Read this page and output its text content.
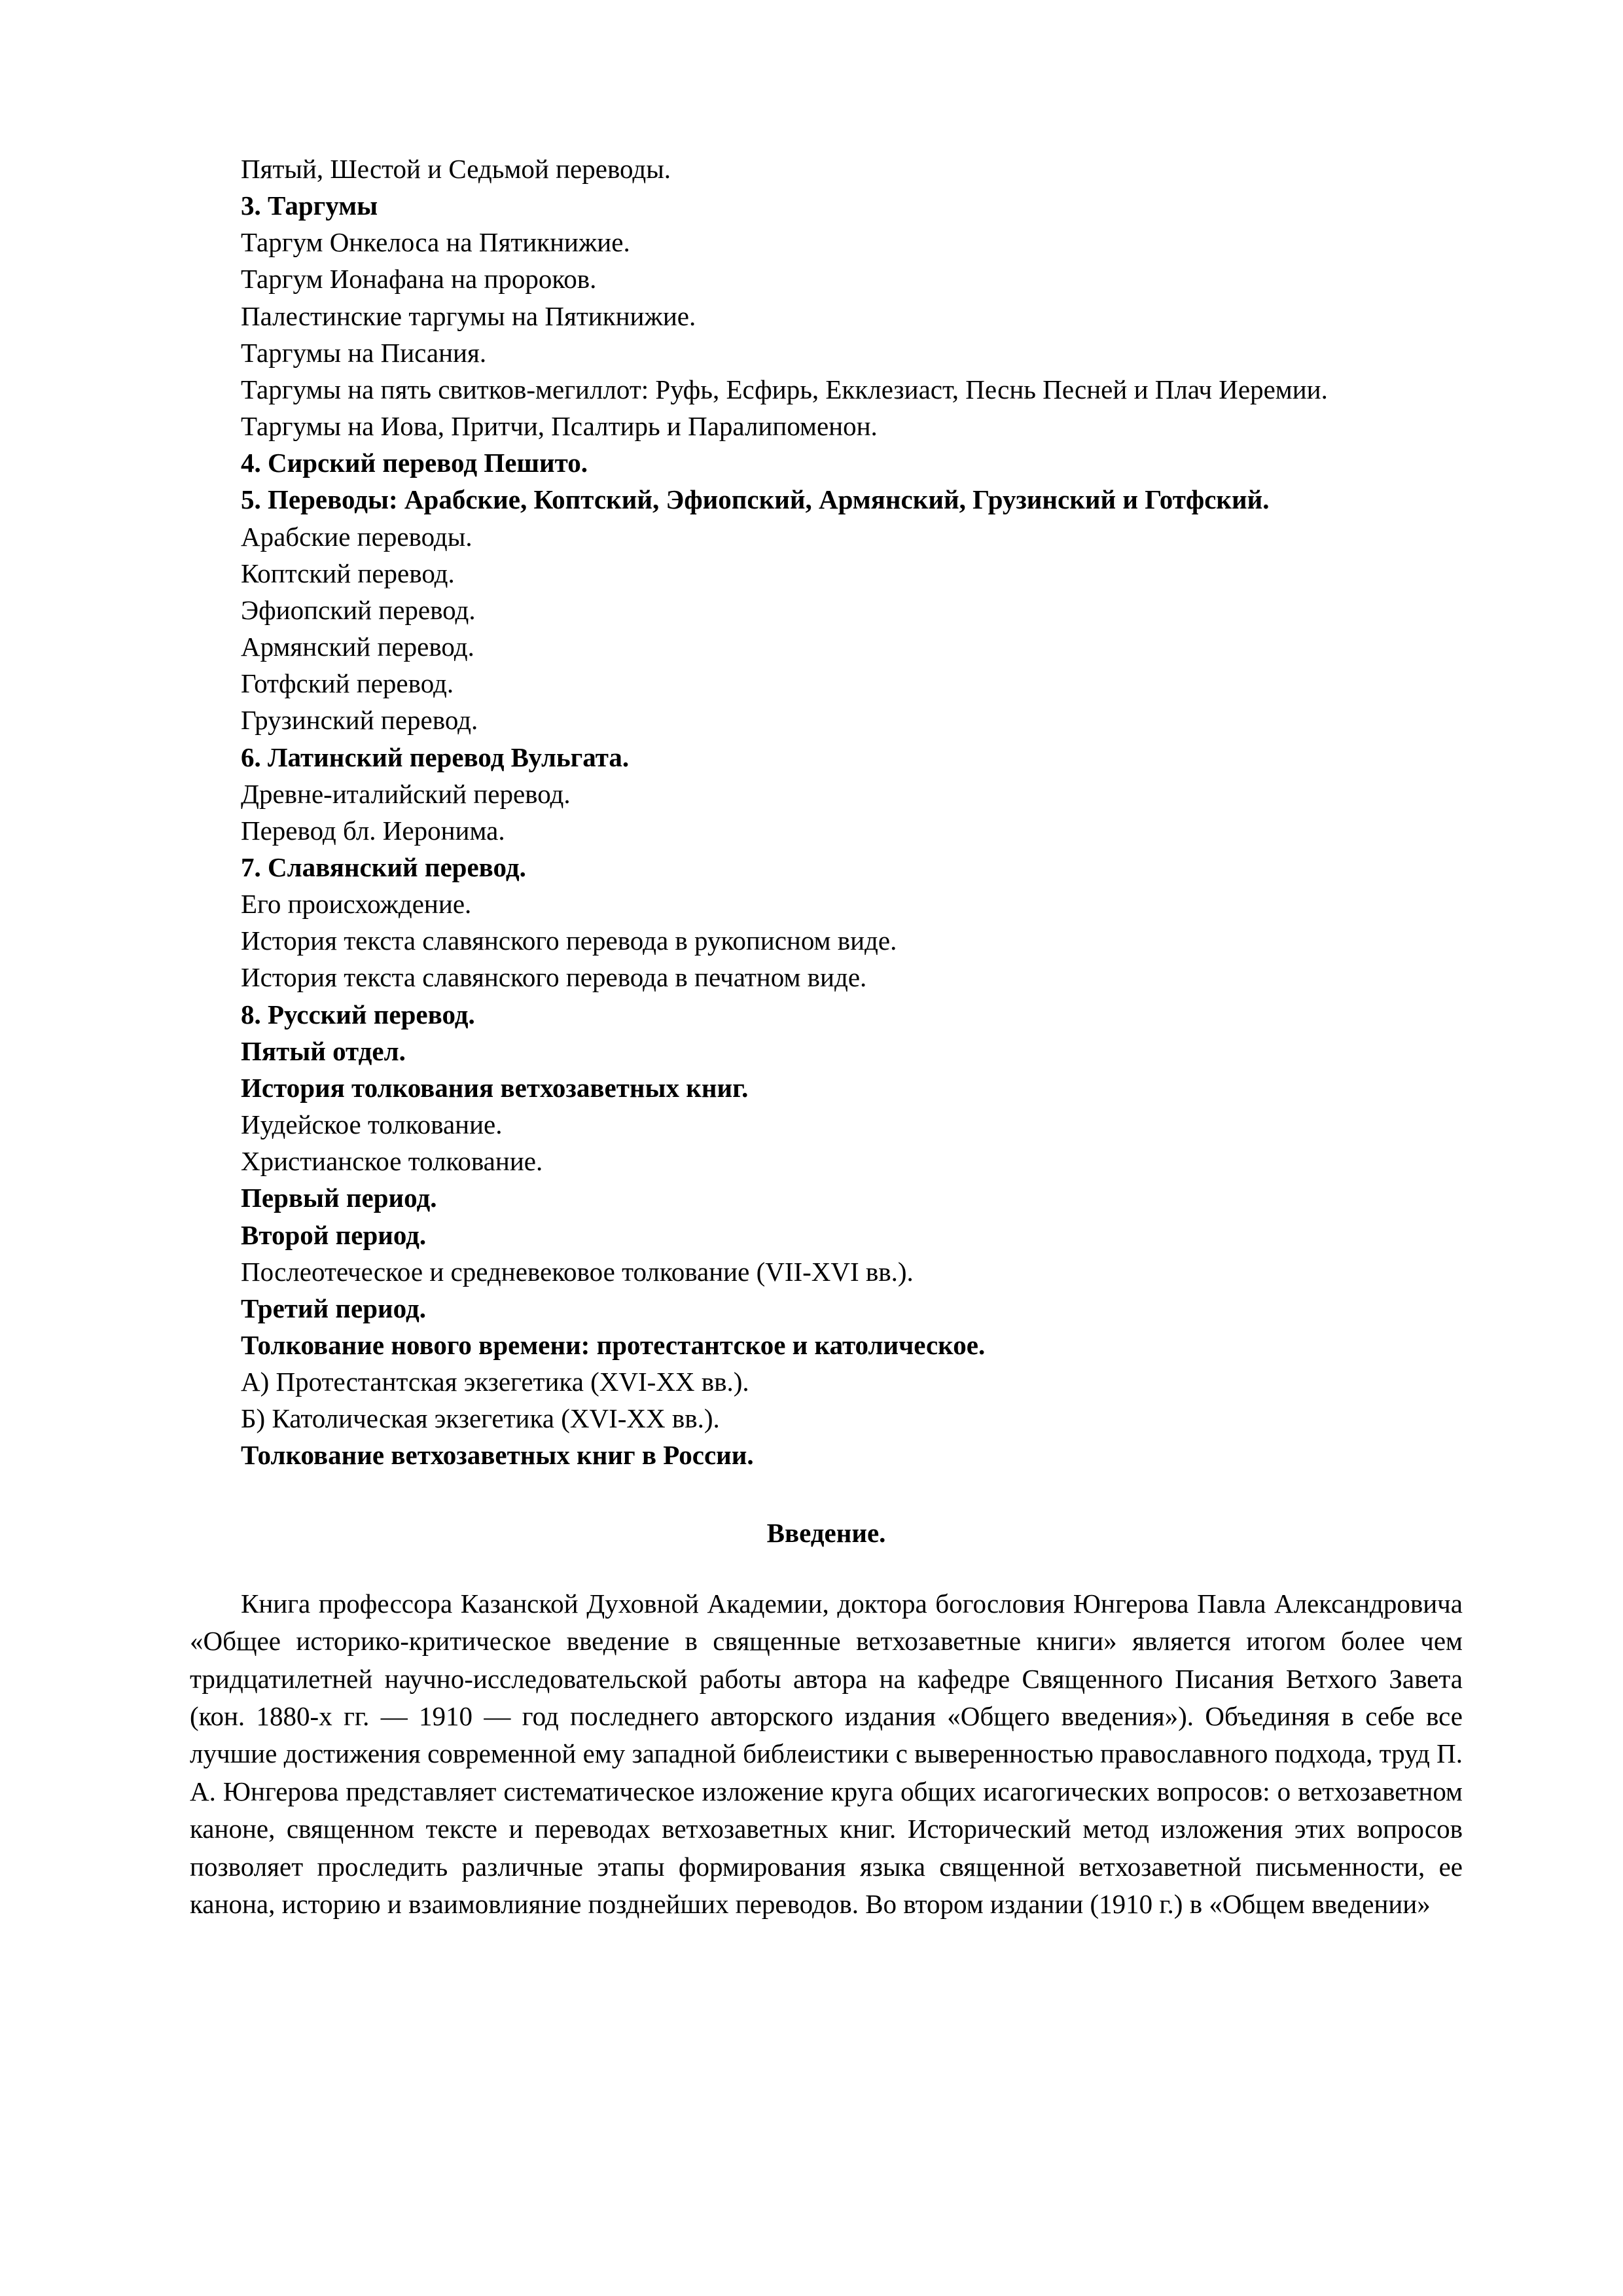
Пятый, Шестой и Седьмой переводы.

3. Таргумы

Таргум Онкелоса на Пятикнижие.

Таргум Ионафана на пророков.

Палестинские таргумы на Пятикнижие.

Таргумы на Писания.

Таргумы на пять свитков-мегиллот: Руфь, Есфирь, Екклезиаст, Песнь Песней и Плач Иеремии.

Таргумы на Иова, Притчи, Псалтирь и Паралипоменон.

4. Сирский перевод Пешито.

5. Переводы: Арабские, Коптский, Эфиопский, Армянский, Грузинский и Готфский.

Арабские переводы.

Коптский перевод.

Эфиопский перевод.

Армянский перевод.

Готфский перевод.

Грузинский перевод.

6. Латинский перевод Вульгата.

Древне-италийский перевод.

Перевод бл. Иеронима.

7. Славянский перевод.

Его происхождение.

История текста славянского перевода в рукописном виде.

История текста славянского перевода в печатном виде.

8. Русский перевод.

Пятый отдел.

История толкования ветхозаветных книг.

Иудейское толкование.

Христианское толкование.

Первый период.

Второй период.

Послеотеческое и средневековое толкование (VII-XVI вв.).

Третий период.

Толкование нового времени: протестантское и католическое.

А) Протестантская экзегетика (XVI-XX вв.).

Б) Католическая экзегетика (XVI-XX вв.).

Толкование ветхозаветных книг в России.

Введение.

Книга профессора Казанской Духовной Академии, доктора богословия Юнгерова Павла Александровича «Общее историко-критическое введение в священные ветхозаветные книги» является итогом более чем тридцатилетней научно-исследовательской работы автора на кафедре Священного Писания Ветхого Завета (кон. 1880-х гг. — 1910 — год последнего авторского издания «Общего введения»). Объединяя в себе все лучшие достижения современной ему западной библеистики с выверенностью православного подхода, труд П. А. Юнгерова представляет систематическое изложение круга общих исагогических вопросов: о ветхозаветном каноне, священном тексте и переводах ветхозаветных книг. Исторический метод изложения этих вопросов позволяет проследить различные этапы формирования языка священной ветхозаветной письменности, ее канона, историю и взаимовлияние позднейших переводов. Во втором издании (1910 г.) в «Общем введении»
